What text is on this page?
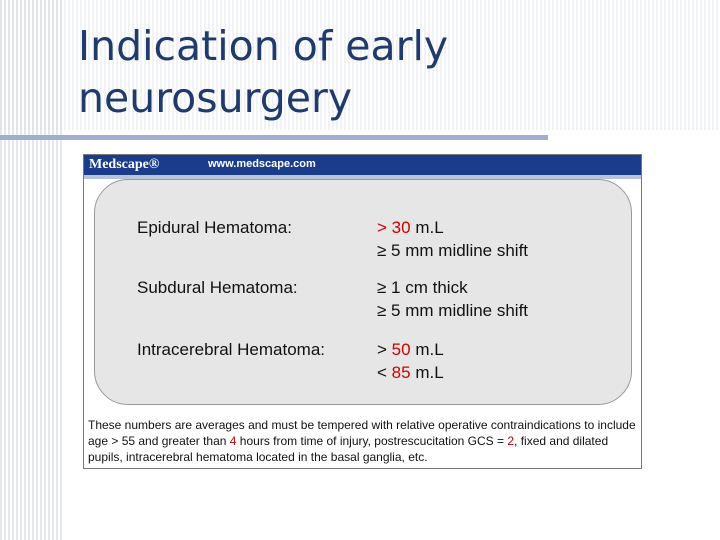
Indication of early
neurosurgery
Medscape®	www.medscape.com
Epidural Hematoma:	> 30 m.L
≥ 5 mm midline shift
Subdural Hematoma:	≥ 1 cm thick
≥ 5 mm midline shift
Intracerebral Hematoma:	> 50 m.L
< 85 m.L
These numbers are averages and must be tempered with relative operative contraindications to include age > 55 and greater than 4 hours from time of injury, postrescucitation GCS = 2, fixed and dilated pupils, intracerebral hematoma located in the basal ganglia, etc.
